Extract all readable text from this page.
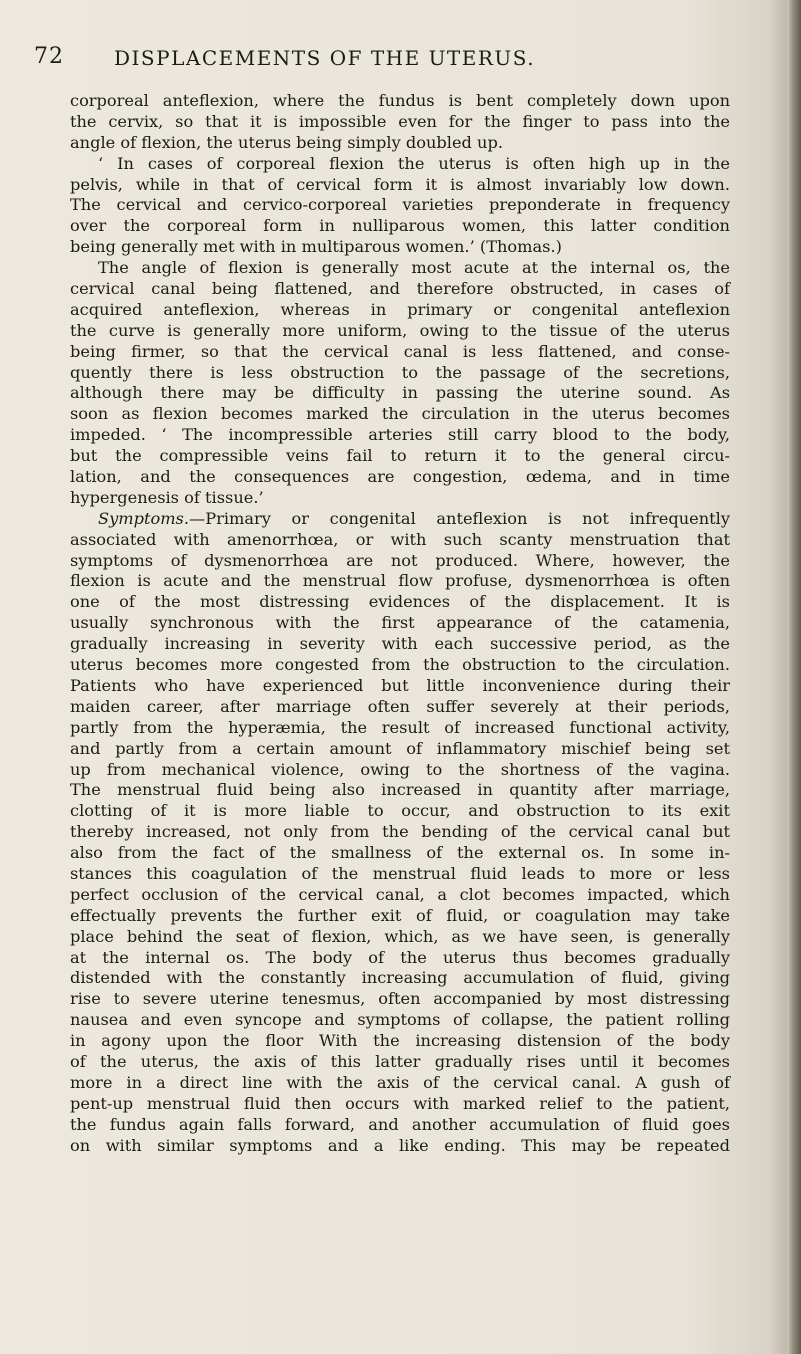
72	DISPLACEMENTS OF THE UTERUS.
corporeal anteflexion, where the fundus is bent completely down upon
the cervix, so that it is impossible even for the finger to pass into the
angle of flexion, the uterus being simply doubled up.
‘ In cases of corporeal flexion the uterus is often high up in the
pelvis, while in that of cervical form it is almost invariably low down.
The cervical and cervico-corporeal varieties preponderate in frequency
over the corporeal form in nulliparous women, this latter condition
being generally met with in multiparous women.’ (Thomas.)
The angle of flexion is generally most acute at the internal os, the
cervical canal being flattened, and therefore obstructed, in cases of
acquired anteflexion, whereas in primary or congenital anteflexion
the curve is generally more uniform, owing to the tissue of the uterus
being firmer, so that the cervical canal is less flattened, and conse-
quently there is less obstruction to the passage of the secretions,
although there may be difficulty in passing the uterine sound. As
soon as flexion becomes marked the circulation in the uterus becomes
impeded. ‘ The incompressible arteries still carry blood to the body,
but the compressible veins fail to return it to the general circu-
lation, and the consequences are congestion, œdema, and in time
hypergenesis of tissue.’
Symptoms.—Primary or congenital anteflexion is not infrequently
associated with amenorrhœa, or with such scanty menstruation that
symptoms of dysmenorrhœa are not produced. Where, however, the
flexion is acute and the menstrual flow profuse, dysmenorrhœa is often
one of the most distressing evidences of the displacement. It is
usually synchronous with the first appearance of the catamenia,
gradually increasing in severity with each successive period, as the
uterus becomes more congested from the obstruction to the circulation.
Patients who have experienced but little inconvenience during their
maiden career, after marriage often suffer severely at their periods,
partly from the hyperæmia, the result of increased functional activity,
and partly from a certain amount of inflammatory mischief being set
up from mechanical violence, owing to the shortness of the vagina.
The menstrual fluid being also increased in quantity after marriage,
clotting of it is more liable to occur, and obstruction to its exit
thereby increased, not only from the bending of the cervical canal but
also from the fact of the smallness of the external os. In some in-
stances this coagulation of the menstrual fluid leads to more or less
perfect occlusion of the cervical canal, a clot becomes impacted, which
effectually prevents the further exit of fluid, or coagulation may take
place behind the seat of flexion, which, as we have seen, is generally
at the internal os. The body of the uterus thus becomes gradually
distended with the constantly increasing accumulation of fluid, giving
rise to severe uterine tenesmus, often accompanied by most distressing
nausea and even syncope and symptoms of collapse, the patient rolling
in agony upon the floor With the increasing distension of the body
of the uterus, the axis of this latter gradually rises until it becomes
more in a direct line with the axis of the cervical canal. A gush of
pent-up menstrual fluid then occurs with marked relief to the patient,
the fundus again falls forward, and another accumulation of fluid goes
on with similar symptoms and a like ending. This may be repeated
